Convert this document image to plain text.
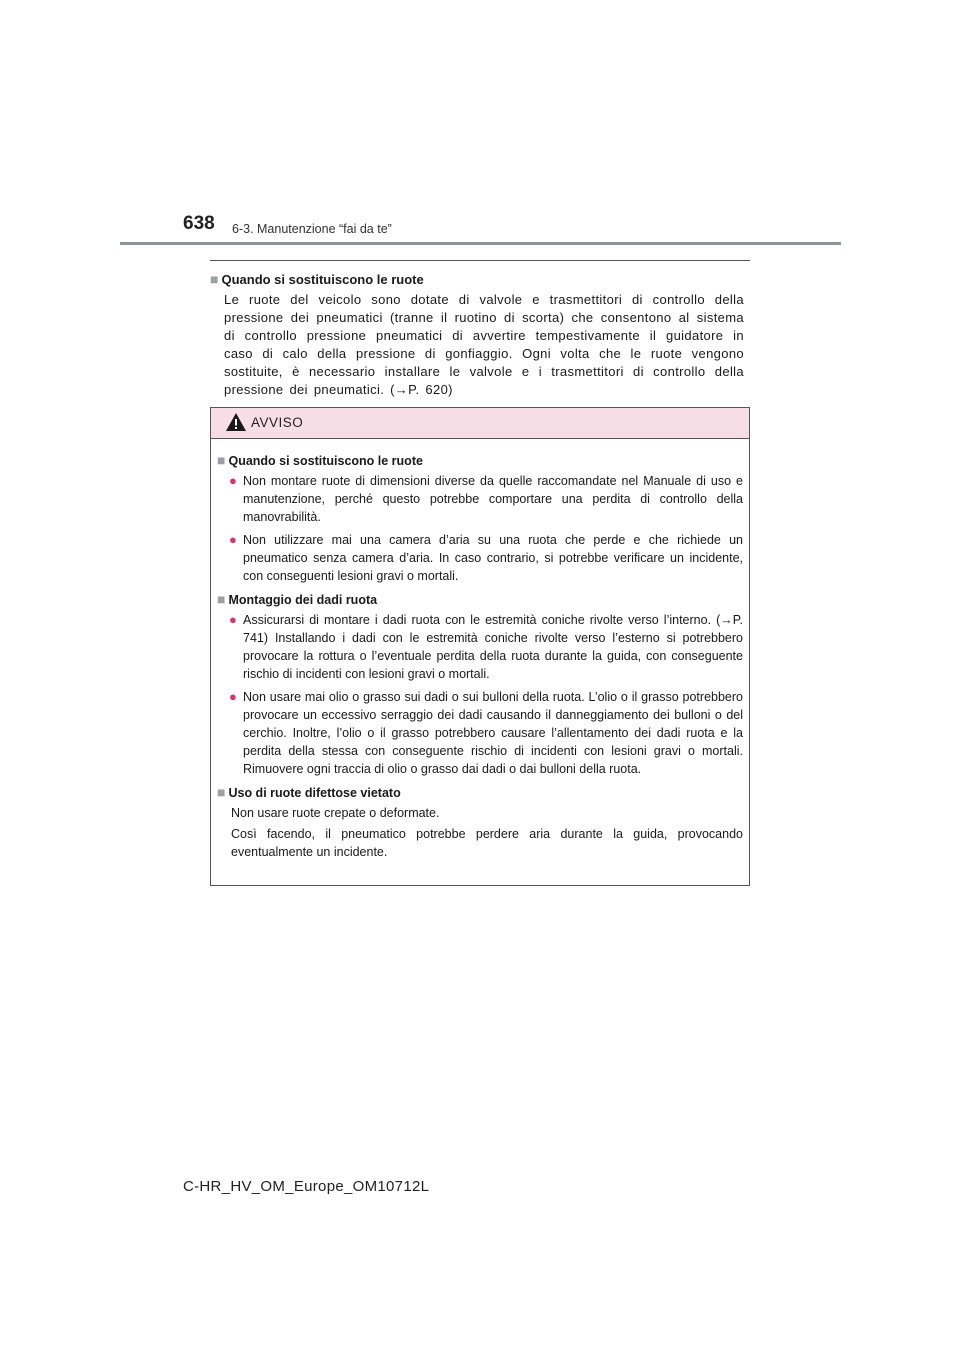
638 6-3. Manutenzione “fai da te”

■ Quando si sostituiscono le ruote

Le ruote del veicolo sono dotate di valvole e trasmettitori di controllo della pressione dei pneumatici (tranne il ruotino di scorta) che consentono al sistema di controllo pressione pneumatici di avvertire tempestivamente il guidatore in caso di calo della pressione di gonfiaggio. Ogni volta che le ruote vengono sostituite, è necessario installare le valvole e i trasmettitori di controllo della pressione dei pneumatici. (→P. 620)

AVVISO

■ Quando si sostituiscono le ruote

● Non montare ruote di dimensioni diverse da quelle raccomandate nel Manuale di uso e manutenzione, perché questo potrebbe comportare una perdita di controllo della manovrabilità.

● Non utilizzare mai una camera d’aria su una ruota che perde e che richiede un pneumatico senza camera d’aria. In caso contrario, si potrebbe verificare un incidente, con conseguenti lesioni gravi o mortali.

■ Montaggio dei dadi ruota

● Assicurarsi di montare i dadi ruota con le estremità coniche rivolte verso l’interno. (→P. 741) Installando i dadi con le estremità coniche rivolte verso l’esterno si potrebbero provocare la rottura o l’eventuale perdita della ruota durante la guida, con conseguente rischio di incidenti con lesioni gravi o mortali.

● Non usare mai olio o grasso sui dadi o sui bulloni della ruota. L’olio o il grasso potrebbero provocare un eccessivo serraggio dei dadi causando il danneggiamento dei bulloni o del cerchio. Inoltre, l’olio o il grasso potrebbero causare l’allentamento dei dadi ruota e la perdita della stessa con conseguente rischio di incidenti con lesioni gravi o mortali. Rimuovere ogni traccia di olio o grasso dai dadi o dai bulloni della ruota.

■ Uso di ruote difettose vietato

Non usare ruote crepate o deformate.

Così facendo, il pneumatico potrebbe perdere aria durante la guida, provocando eventualmente un incidente.

C-HR_HV_OM_Europe_OM10712L
